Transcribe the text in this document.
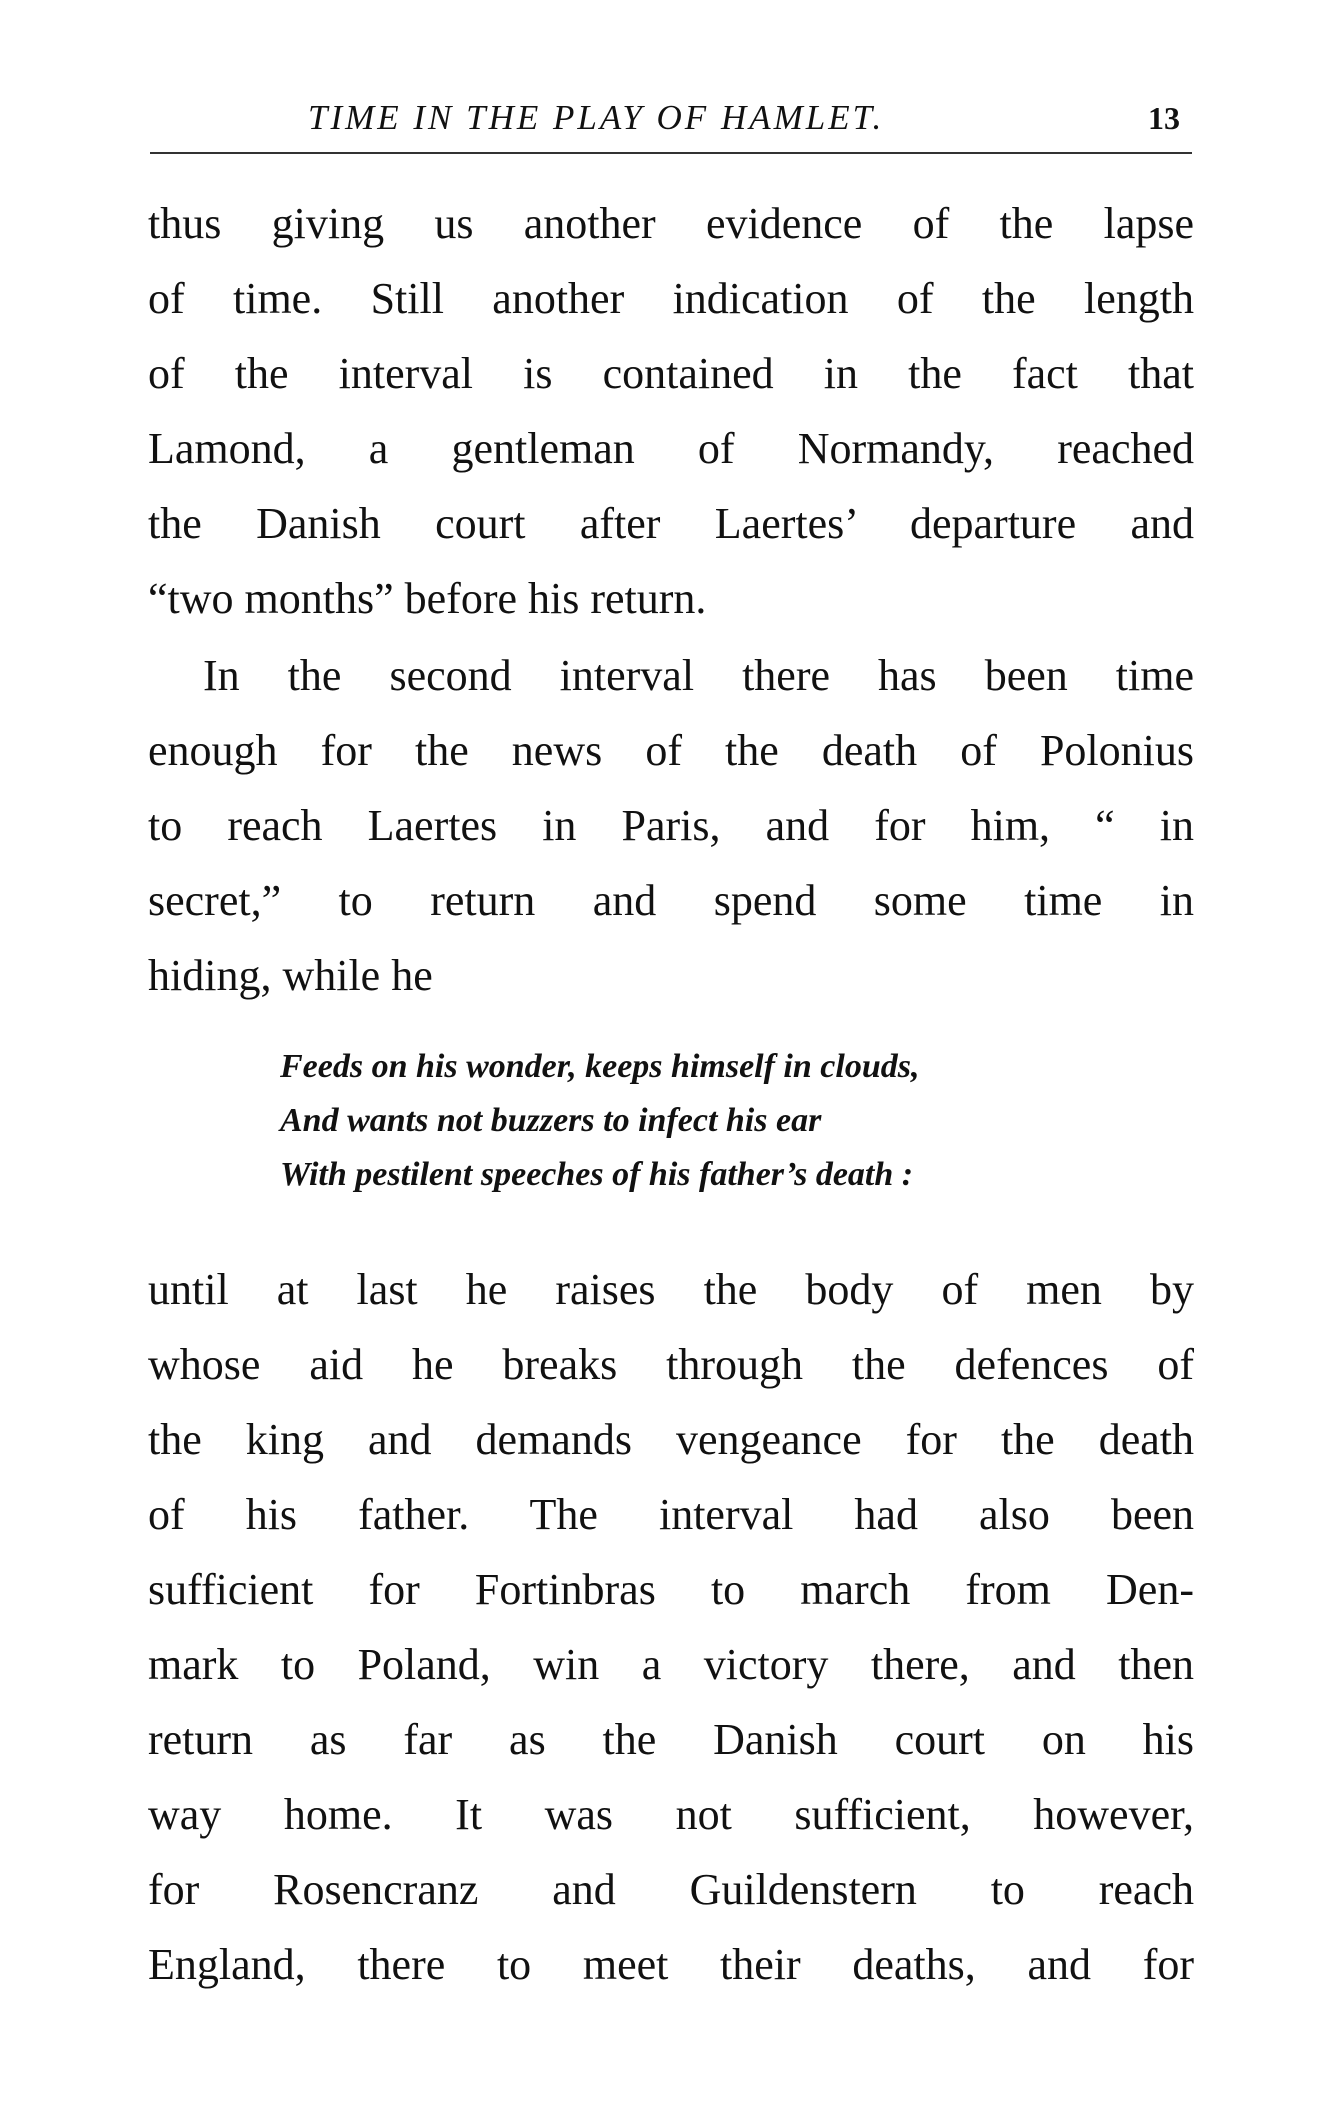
TIME IN THE PLAY OF HAMLET.	13
thus giving us another evidence of the lapse
of time. Still another indication of the length
of the interval is contained in the fact that
Lamond, a gentleman of Normandy, reached
the Danish court after Laertes’ departure and
“two months” before his return.
In the second interval there has been time
enough for the news of the death of Polonius
to reach Laertes in Paris, and for him, “ in
secret,” to return and spend some time in
hiding, while he
Feeds on his wonder, keeps himself in clouds,
And wants not buzzers to infect his ear
With pestilent speeches of his father’s death :
until at last he raises the body of men by
whose aid he breaks through the defences of
the king and demands vengeance for the death
of his father. The interval had also been
sufficient for Fortinbras to march from Den-
mark to Poland, win a victory there, and then
return as far as the Danish court on his
way home. It was not sufficient, however,
for Rosencranz and Guildenstern to reach
England, there to meet their deaths, and for
